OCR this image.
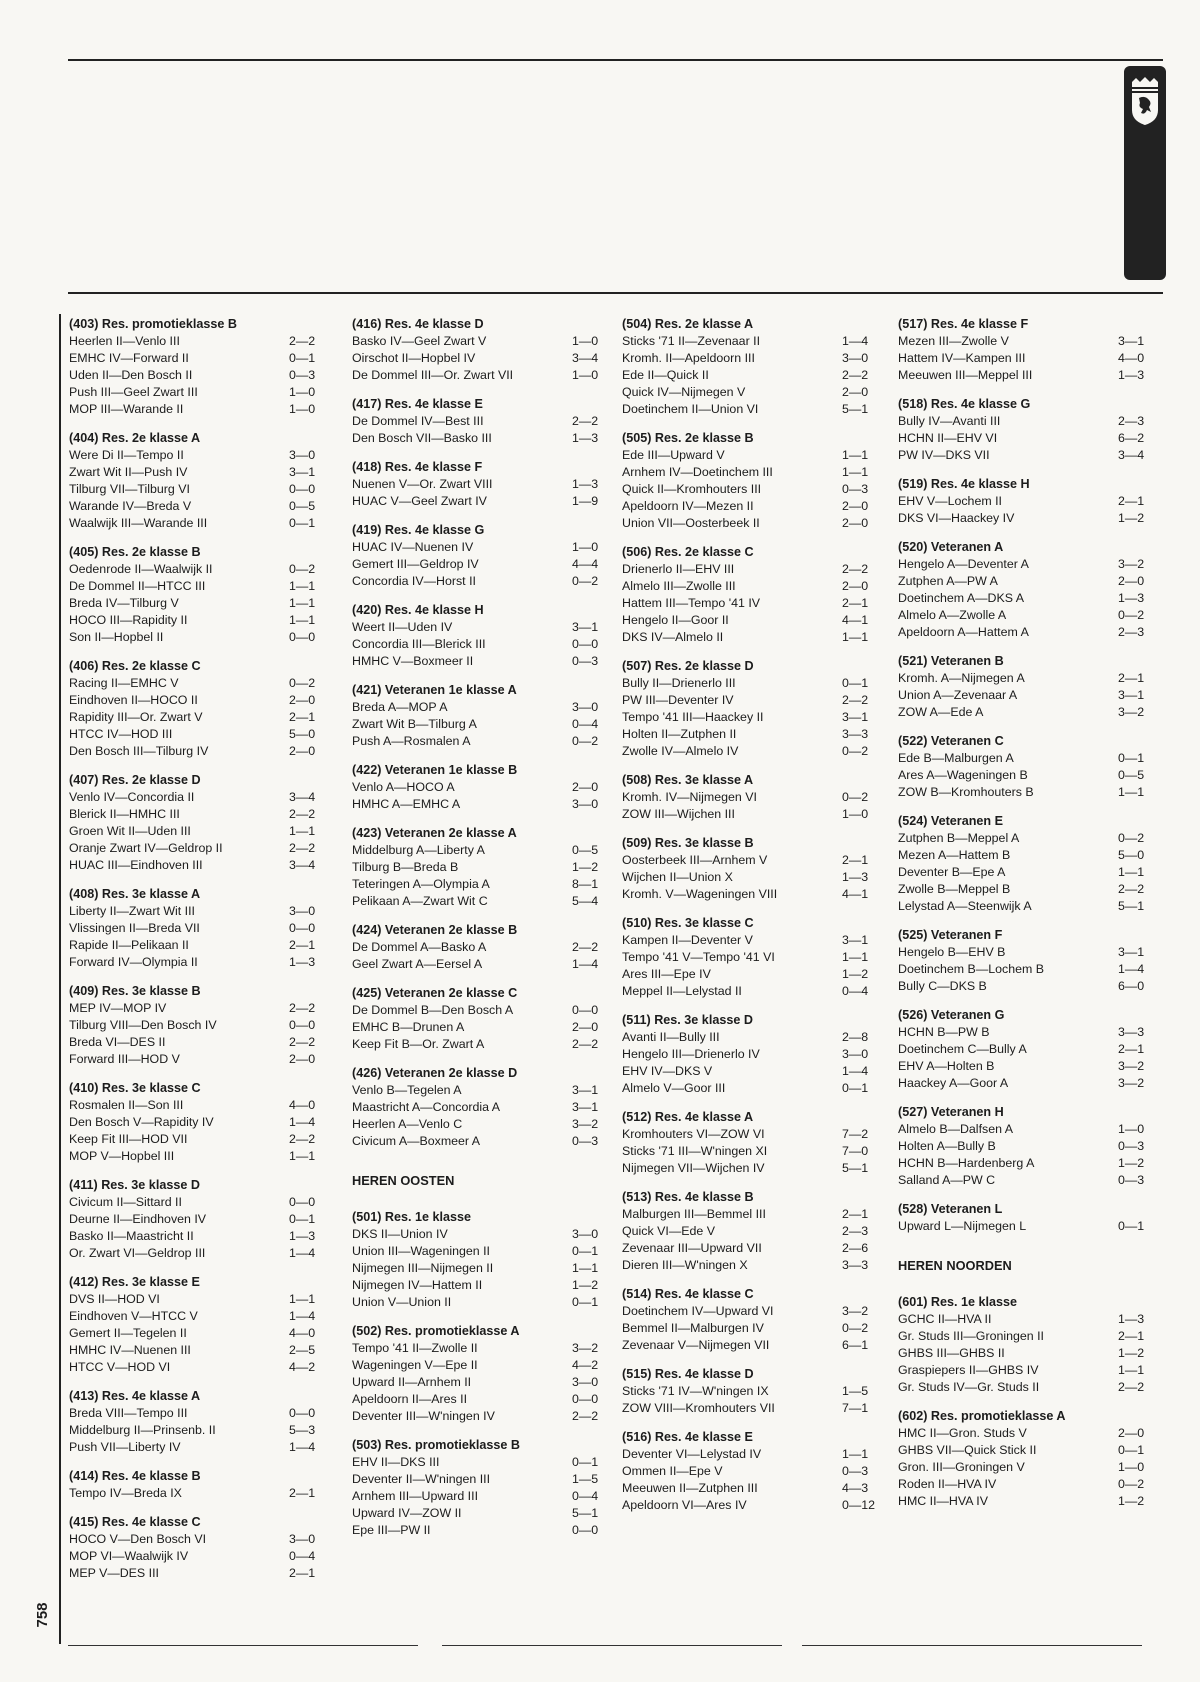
758
(403) Res. promotieklasse B
Heerlen II—Venlo III	2—2
EMHC IV—Forward II	0—1
Uden II—Den Bosch II	0—3
Push III—Geel Zwart III	1—0
MOP III—Warande II	1—0
(404) Res. 2e klasse A
Were Di II—Tempo II	3—0
Zwart Wit II—Push IV	3—1
Tilburg VII—Tilburg VI	0—0
Warande IV—Breda V	0—5
Waalwijk III—Warande III	0—1
(405) Res. 2e klasse B
Oedenrode II—Waalwijk II	0—2
De Dommel II—HTCC III	1—1
Breda IV—Tilburg V	1—1
HOCO III—Rapidity II	1—1
Son II—Hopbel II	0—0
(406) Res. 2e klasse C
Racing II—EMHC V	0—2
Eindhoven II—HOCO II	2—0
Rapidity III—Or. Zwart V	2—1
HTCC IV—HOD III	5—0
Den Bosch III—Tilburg IV	2—0
(407) Res. 2e klasse D
Venlo IV—Concordia II	3—4
Blerick II—HMHC III	2—2
Groen Wit II—Uden III	1—1
Oranje Zwart IV—Geldrop II	2—2
HUAC III—Eindhoven III	3—4
(408) Res. 3e klasse A
Liberty II—Zwart Wit III	3—0
Vlissingen II—Breda VII	0—0
Rapide II—Pelikaan II	2—1
Forward IV—Olympia II	1—3
(409) Res. 3e klasse B
MEP IV—MOP IV	2—2
Tilburg VIII—Den Bosch IV	0—0
Breda VI—DES II	2—2
Forward III—HOD V	2—0
(410) Res. 3e klasse C
Rosmalen II—Son III	4—0
Den Bosch V—Rapidity IV	1—4
Keep Fit III—HOD VII	2—2
MOP V—Hopbel III	1—1
(411) Res. 3e klasse D
Civicum II—Sittard II	0—0
Deurne II—Eindhoven IV	0—1
Basko II—Maastricht II	1—3
Or. Zwart VI—Geldrop III	1—4
(412) Res. 3e klasse E
DVS II—HOD VI	1—1
Eindhoven V—HTCC V	1—4
Gemert II—Tegelen II	4—0
HMHC IV—Nuenen III	2—5
HTCC V—HOD VI	4—2
(413) Res. 4e klasse A
Breda VIII—Tempo III	0—0
Middelburg II—Prinsenb. II	5—3
Push VII—Liberty IV	1—4
(414) Res. 4e klasse B
Tempo IV—Breda IX	2—1
(415) Res. 4e klasse C
HOCO V—Den Bosch VI	3—0
MOP VI—Waalwijk IV	0—4
MEP V—DES III	2—1
(416) Res. 4e klasse D
Basko IV—Geel Zwart V	1—0
Oirschot II—Hopbel IV	3—4
De Dommel III—Or. Zwart VII	1—0
(417) Res. 4e klasse E
De Dommel IV—Best III	2—2
Den Bosch VII—Basko III	1—3
(418) Res. 4e klasse F
Nuenen V—Or. Zwart VIII	1—3
HUAC V—Geel Zwart IV	1—9
(419) Res. 4e klasse G
HUAC IV—Nuenen IV	1—0
Gemert III—Geldrop IV	4—4
Concordia IV—Horst II	0—2
(420) Res. 4e klasse H
Weert II—Uden IV	3—1
Concordia III—Blerick III	0—0
HMHC V—Boxmeer II	0—3
(421) Veteranen 1e klasse A
Breda A—MOP A	3—0
Zwart Wit B—Tilburg A	0—4
Push A—Rosmalen A	0—2
(422) Veteranen 1e klasse B
Venlo A—HOCO A	2—0
HMHC A—EMHC A	3—0
(423) Veteranen 2e klasse A
Middelburg A—Liberty A	0—5
Tilburg B—Breda B	1—2
Teteringen A—Olympia A	8—1
Pelikaan A—Zwart Wit C	5—4
(424) Veteranen 2e klasse B
De Dommel A—Basko A	2—2
Geel Zwart A—Eersel A	1—4
(425) Veteranen 2e klasse C
De Dommel B—Den Bosch A	0—0
EMHC B—Drunen A	2—0
Keep Fit B—Or. Zwart A	2—2
(426) Veteranen 2e klasse D
Venlo B—Tegelen A	3—1
Maastricht A—Concordia A	3—1
Heerlen A—Venlo C	3—2
Civicum A—Boxmeer A	0—3
HEREN OOSTEN
(501) Res. 1e klasse
DKS II—Union IV	3—0
Union III—Wageningen II	0—1
Nijmegen III—Nijmegen II	1—1
Nijmegen IV—Hattem II	1—2
Union V—Union II	0—1
(502) Res. promotieklasse A
Tempo '41 II—Zwolle II	3—2
Wageningen V—Epe II	4—2
Upward II—Arnhem II	3—0
Apeldoorn II—Ares II	0—0
Deventer III—W'ningen IV	2—2
(503) Res. promotieklasse B
EHV II—DKS III	0—1
Deventer II—W'ningen III	1—5
Arnhem III—Upward III	0—4
Upward IV—ZOW II	5—1
Epe III—PW II	0—0
(504) Res. 2e klasse A
Sticks '71 II—Zevenaar II	1—4
Kromh. II—Apeldoorn III	3—0
Ede II—Quick II	2—2
Quick IV—Nijmegen V	2—0
Doetinchem II—Union VI	5—1
(505) Res. 2e klasse B
Ede III—Upward V	1—1
Arnhem IV—Doetinchem III	1—1
Quick II—Kromhouters III	0—3
Apeldoorn IV—Mezen II	2—0
Union VII—Oosterbeek II	2—0
(506) Res. 2e klasse C
Drienerlo II—EHV III	2—2
Almelo III—Zwolle III	2—0
Hattem III—Tempo '41 IV	2—1
Hengelo II—Goor II	4—1
DKS IV—Almelo II	1—1
(507) Res. 2e klasse D
Bully II—Drienerlo III	0—1
PW III—Deventer IV	2—2
Tempo '41 III—Haackey II	3—1
Holten II—Zutphen II	3—3
Zwolle IV—Almelo IV	0—2
(508) Res. 3e klasse A
Kromh. IV—Nijmegen VI	0—2
ZOW III—Wijchen III	1—0
(509) Res. 3e klasse B
Oosterbeek III—Arnhem V	2—1
Wijchen II—Union X	1—3
Kromh. V—Wageningen VIII	4—1
(510) Res. 3e klasse C
Kampen II—Deventer V	3—1
Tempo '41 V—Tempo '41 VI	1—1
Ares III—Epe IV	1—2
Meppel II—Lelystad II	0—4
(511) Res. 3e klasse D
Avanti II—Bully III	2—8
Hengelo III—Drienerlo IV	3—0
EHV IV—DKS V	1—4
Almelo V—Goor III	0—1
(512) Res. 4e klasse A
Kromhouters VI—ZOW VI	7—2
Sticks '71 III—W'ningen XI	7—0
Nijmegen VII—Wijchen IV	5—1
(513) Res. 4e klasse B
Malburgen III—Bemmel III	2—1
Quick VI—Ede V	2—3
Zevenaar III—Upward VII	2—6
Dieren III—W'ningen X	3—3
(514) Res. 4e klasse C
Doetinchem IV—Upward VI	3—2
Bemmel II—Malburgen IV	0—2
Zevenaar V—Nijmegen VII	6—1
(515) Res. 4e klasse D
Sticks '71 IV—W'ningen IX	1—5
ZOW VIII—Kromhouters VII	7—1
(516) Res. 4e klasse E
Deventer VI—Lelystad IV	1—1
Ommen II—Epe V	0—3
Meeuwen II—Zutphen III	4—3
Apeldoorn VI—Ares IV	0—12
(517) Res. 4e klasse F
Mezen III—Zwolle V	3—1
Hattem IV—Kampen III	4—0
Meeuwen III—Meppel III	1—3
(518) Res. 4e klasse G
Bully IV—Avanti III	2—3
HCHN II—EHV VI	6—2
PW IV—DKS VII	3—4
(519) Res. 4e klasse H
EHV V—Lochem II	2—1
DKS VI—Haackey IV	1—2
(520) Veteranen A
Hengelo A—Deventer A	3—2
Zutphen A—PW A	2—0
Doetinchem A—DKS A	1—3
Almelo A—Zwolle A	0—2
Apeldoorn A—Hattem A	2—3
(521) Veteranen B
Kromh. A—Nijmegen A	2—1
Union A—Zevenaar A	3—1
ZOW A—Ede A	3—2
(522) Veteranen C
Ede B—Malburgen A	0—1
Ares A—Wageningen B	0—5
ZOW B—Kromhouters B	1—1
(524) Veteranen E
Zutphen B—Meppel A	0—2
Mezen A—Hattem B	5—0
Deventer B—Epe A	1—1
Zwolle B—Meppel B	2—2
Lelystad A—Steenwijk A	5—1
(525) Veteranen F
Hengelo B—EHV B	3—1
Doetinchem B—Lochem B	1—4
Bully C—DKS B	6—0
(526) Veteranen G
HCHN B—PW B	3—3
Doetinchem C—Bully A	2—1
EHV A—Holten B	3—2
Haackey A—Goor A	3—2
(527) Veteranen H
Almelo B—Dalfsen A	1—0
Holten A—Bully B	0—3
HCHN B—Hardenberg A	1—2
Salland A—PW C	0—3
(528) Veteranen L
Upward L—Nijmegen L	0—1
HEREN NOORDEN
(601) Res. 1e klasse
GCHC II—HVA II	1—3
Gr. Studs III—Groningen II	2—1
GHBS III—GHBS II	1—2
Graspiepers II—GHBS IV	1—1
Gr. Studs IV—Gr. Studs II	2—2
(602) Res. promotieklasse A
HMC II—Gron. Studs V	2—0
GHBS VII—Quick Stick II	0—1
Gron. III—Groningen V	1—0
Roden II—HVA IV	0—2
HMC II—HVA IV	1—2
